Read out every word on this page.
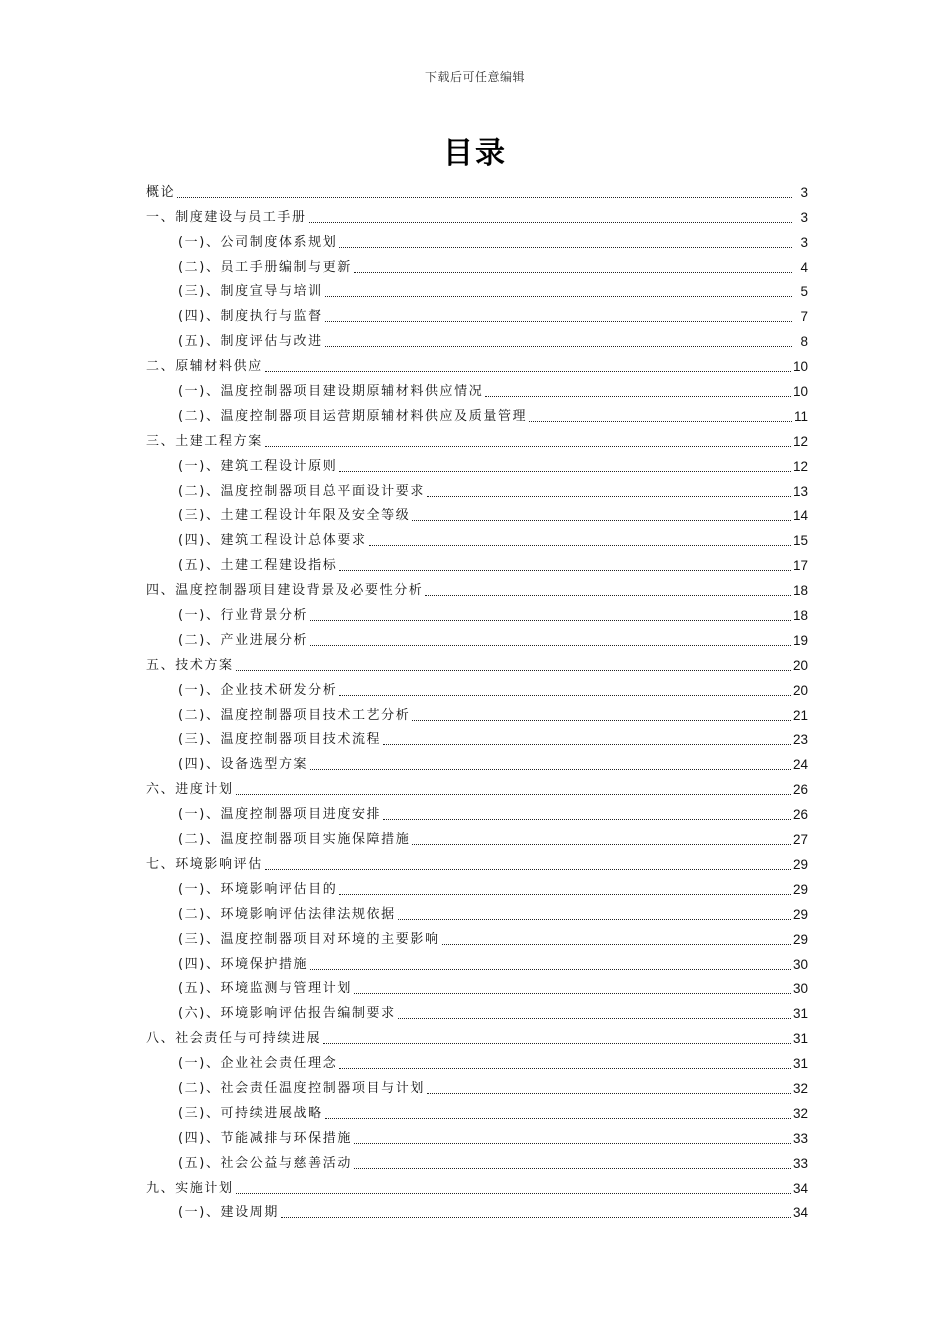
下载后可任意编辑
目录
概论	3
一、制度建设与员工手册	3
(一)、公司制度体系规划	3
(二)、员工手册编制与更新	4
(三)、制度宣导与培训	5
(四)、制度执行与监督	7
(五)、制度评估与改进	8
二、原辅材料供应	10
(一)、温度控制器项目建设期原辅材料供应情况	10
(二)、温度控制器项目运营期原辅材料供应及质量管理	11
三、土建工程方案	12
(一)、建筑工程设计原则	12
(二)、温度控制器项目总平面设计要求	13
(三)、土建工程设计年限及安全等级	14
(四)、建筑工程设计总体要求	15
(五)、土建工程建设指标	17
四、温度控制器项目建设背景及必要性分析	18
(一)、行业背景分析	18
(二)、产业进展分析	19
五、技术方案	20
(一)、企业技术研发分析	20
(二)、温度控制器项目技术工艺分析	21
(三)、温度控制器项目技术流程	23
(四)、设备选型方案	24
六、进度计划	26
(一)、温度控制器项目进度安排	26
(二)、温度控制器项目实施保障措施	27
七、环境影响评估	29
(一)、环境影响评估目的	29
(二)、环境影响评估法律法规依据	29
(三)、温度控制器项目对环境的主要影响	29
(四)、环境保护措施	30
(五)、环境监测与管理计划	30
(六)、环境影响评估报告编制要求	31
八、社会责任与可持续进展	31
(一)、企业社会责任理念	31
(二)、社会责任温度控制器项目与计划	32
(三)、可持续进展战略	32
(四)、节能减排与环保措施	33
(五)、社会公益与慈善活动	33
九、实施计划	34
(一)、建设周期	34
